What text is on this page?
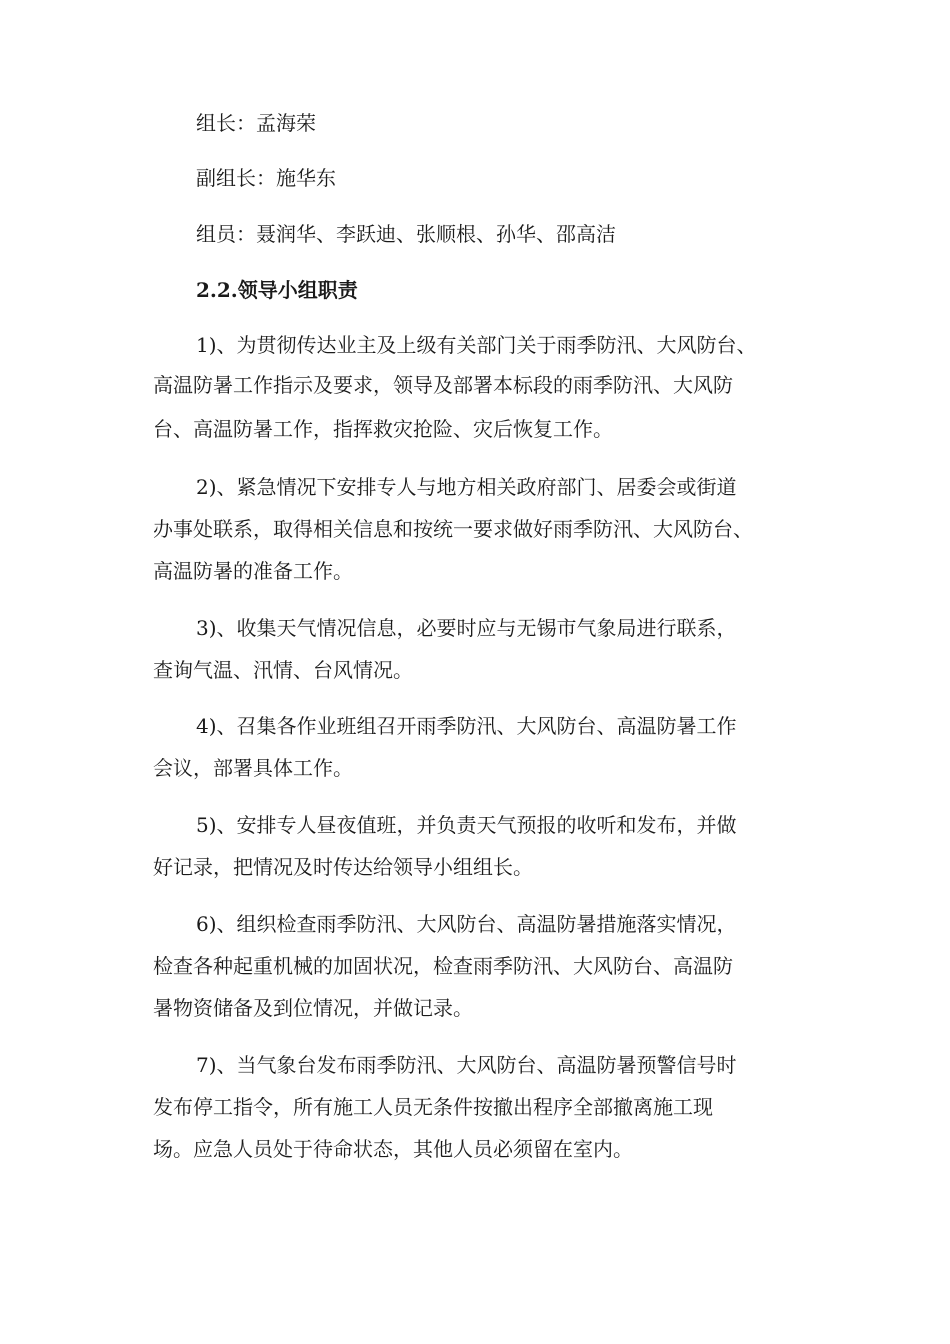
组长：孟海荣
副组长：施华东
组员：聂润华、李跃迪、张顺根、孙华、邵高洁
2.2.领导小组职责
1)、为贯彻传达业主及上级有关部门关于雨季防汛、大风防台、
高温防暑工作指示及要求，领导及部署本标段的雨季防汛、大风防
台、高温防暑工作，指挥救灾抢险、灾后恢复工作。
2)、紧急情况下安排专人与地方相关政府部门、居委会或街道
办事处联系，取得相关信息和按统一要求做好雨季防汛、大风防台、
高温防暑的准备工作。
3)、收集天气情况信息，必要时应与无锡市气象局进行联系，
查询气温、汛情、台风情况。
4)、召集各作业班组召开雨季防汛、大风防台、高温防暑工作
会议，部署具体工作。
5)、安排专人昼夜值班，并负责天气预报的收听和发布，并做
好记录，把情况及时传达给领导小组组长。
6)、组织检查雨季防汛、大风防台、高温防暑措施落实情况，
检查各种起重机械的加固状况，检查雨季防汛、大风防台、高温防
暑物资储备及到位情况，并做记录。
7)、当气象台发布雨季防汛、大风防台、高温防暑预警信号时
发布停工指令，所有施工人员无条件按撤出程序全部撤离施工现
场。应急人员处于待命状态，其他人员必须留在室内。
